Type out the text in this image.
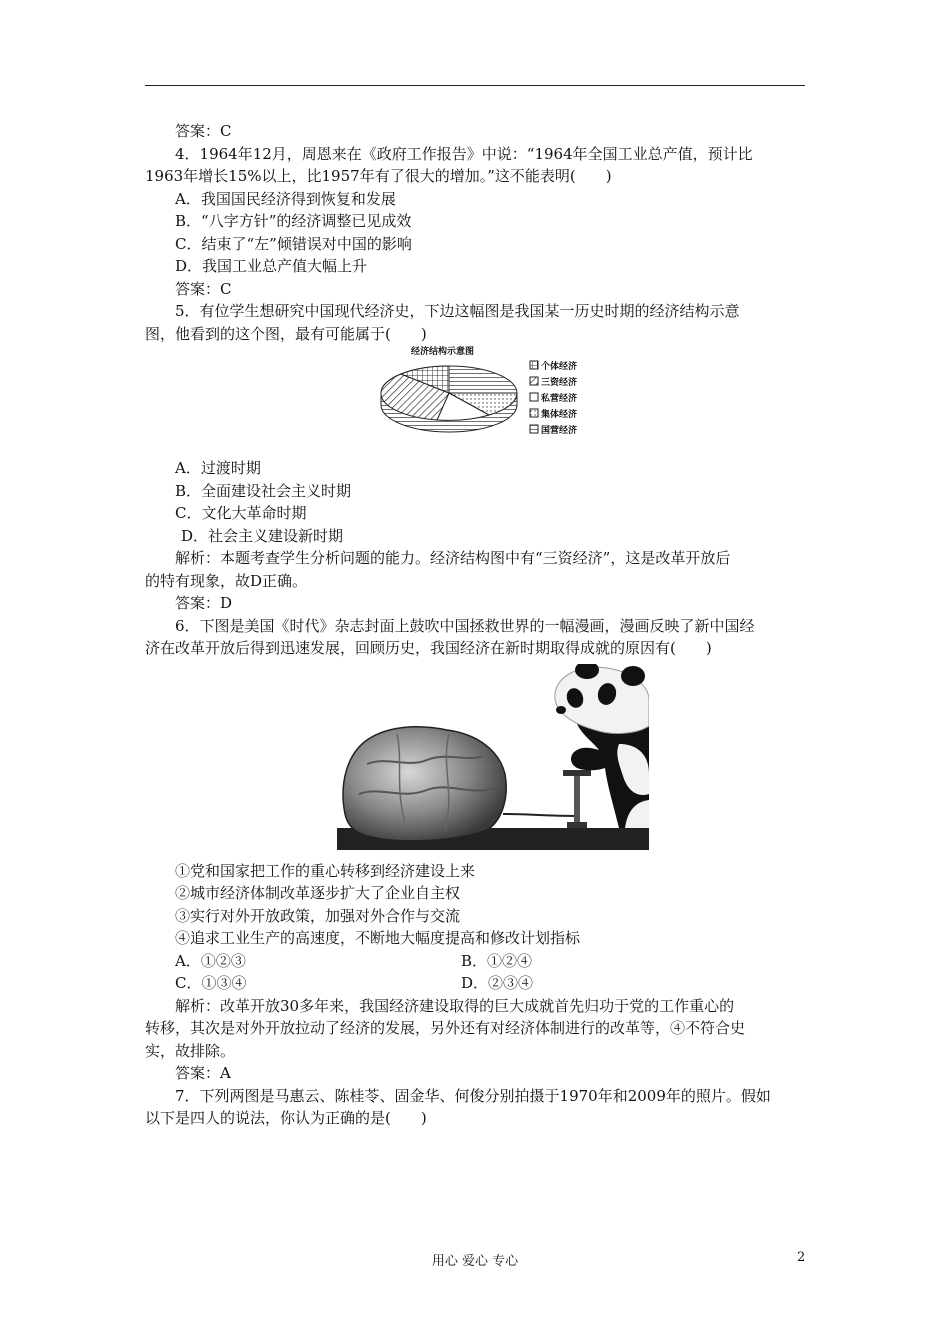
答案：C
4．1964年12月，周恩来在《政府工作报告》中说：“1964年全国工业总产值，预计比
1963年增长15%以上，比1957年有了很大的增加。”这不能表明(　　)
A．我国国民经济得到恢复和发展
B．“八字方针”的经济调整已见成效
C．结束了“左”倾错误对中国的影响
D．我国工业总产值大幅上升
答案：C
5．有位学生想研究中国现代经济史，下边这幅图是我国某一历史时期的经济结构示意
图，他看到的这个图，最有可能属于(　　)
经济结构示意图
个体经济
三资经济
私营经济
集体经济
国营经济
A．过渡时期
B．全面建设社会主义时期
C．文化大革命时期
D．社会主义建设新时期
解析：本题考查学生分析问题的能力。经济结构图中有“三资经济”，这是改革开放后
的特有现象，故D正确。
答案：D
6．下图是美国《时代》杂志封面上鼓吹中国拯救世界的一幅漫画，漫画反映了新中国经
济在改革开放后得到迅速发展，回顾历史，我国经济在新时期取得成就的原因有(　　)
①党和国家把工作的重心转移到经济建设上来
②城市经济体制改革逐步扩大了企业自主权
③实行对外开放政策，加强对外合作与交流
④追求工业生产的高速度，不断地大幅度提高和修改计划指标
A．①②③	B．①②④
C．①③④	D．②③④
解析：改革开放30多年来，我国经济建设取得的巨大成就首先归功于党的工作重心的
转移，其次是对外开放拉动了经济的发展，另外还有对经济体制进行的改革等，④不符合史
实，故排除。
答案：A
7．下列两图是马惠云、陈桂苓、固金华、何俊分别拍摄于1970年和2009年的照片。假如
以下是四人的说法，你认为正确的是(　　)
用心 爱心 专心	2
